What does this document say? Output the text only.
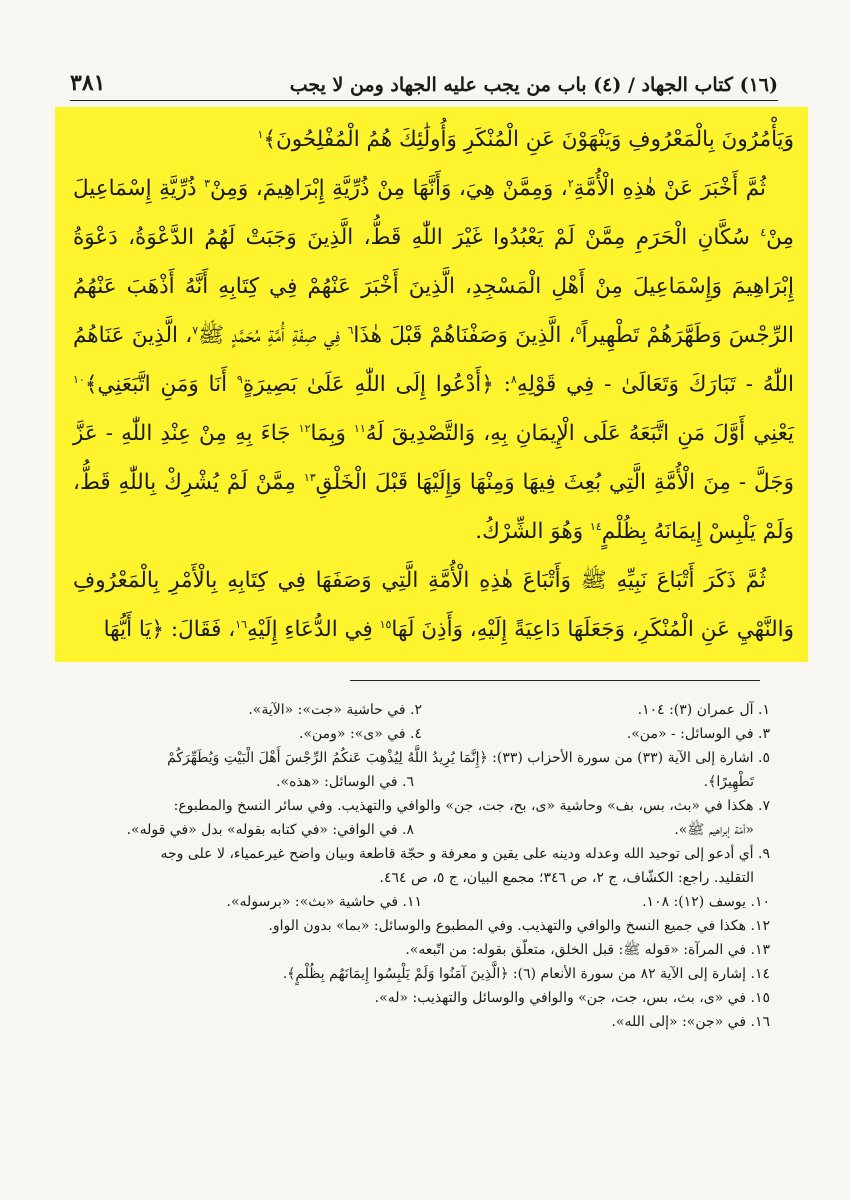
(١٦) كتاب الجهاد / (٤) باب من يجب عليه الجهاد ومن لا يجب
٣٨١

وَيَأْمُرُونَ بِالْمَعْرُوفِ وَيَنْهَوْنَ عَنِ الْمُنْكَرِ وَأُولَٰئِكَ هُمُ الْمُفْلِحُونَ﴾$^١$

ثُمَّ أَخْبَرَ عَنْ هٰذِهِ الْأُمَّةِ$^٢$، وَمِمَّنْ هِيَ، وَأَنَّهَا مِنْ ذُرِّيَّةِ إِبْرَاهِيمَ، وَمِنْ$^٣$ ذُرِّيَّةِ إِسْمَاعِيلَ مِنْ$^٤$ سُكَّانِ الْحَرَمِ مِمَّنْ لَمْ يَعْبُدُوا غَيْرَ اللّٰهِ قَطُّ، الَّذِينَ وَجَبَتْ لَهُمُ الدَّعْوَةُ، دَعْوَةُ إِبْرَاهِيمَ وَإِسْمَاعِيلَ مِنْ أَهْلِ الْمَسْجِدِ، الَّذِينَ أَخْبَرَ عَنْهُمْ فِي كِتَابِهِ أَنَّهُ أَذْهَبَ عَنْهُمُ الرِّجْسَ وَطَهَّرَهُمْ تَطْهِيراً$^٥$، الَّذِينَ وَصَفْنَاهُمْ قَبْلَ هٰذَا$^٦$ فِي صِفَةِ أُمَّةِ مُحَمَّدٍ ﷺ$^٧$، الَّذِينَ عَنَاهُمُ اللّٰهُ - تَبَارَكَ وَتَعَالَىٰ - فِي قَوْلِهِ$^٨$: ﴿أَدْعُوا إِلَى اللّٰهِ عَلَىٰ بَصِيرَةٍ$^٩$ أَنَا وَمَنِ اتَّبَعَنِي﴾$^{١٠}$ يَعْنِي أَوَّلَ مَنِ اتَّبَعَهُ عَلَى الْإِيمَانِ بِهِ، وَالتَّصْدِيقَ لَهُ$^{١١}$ وَبِمَا$^{١٢}$ جَاءَ بِهِ مِنْ عِنْدِ اللّٰهِ - عَزَّ وَجَلَّ - مِنَ الْأُمَّةِ الَّتِي بُعِثَ فِيهَا وَمِنْهَا وَإِلَيْهَا قَبْلَ الْخَلْقِ$^{١٣}$ مِمَّنْ لَمْ يُشْرِكْ بِاللّٰهِ قَطُّ، وَلَمْ يَلْبِسْ إِيمَانَهُ بِظُلْمٍ$^{١٤}$ وَهُوَ الشِّرْكُ.

ثُمَّ ذَكَرَ أَتْبَاعَ نَبِيِّهِ ﷺ وَأَتْبَاعَ هٰذِهِ الْأُمَّةِ الَّتِي وَصَفَهَا فِي كِتَابِهِ بِالْأَمْرِ بِالْمَعْرُوفِ وَالنَّهْيِ عَنِ الْمُنْكَرِ، وَجَعَلَهَا دَاعِيَةً إِلَيْهِ، وَأَذِنَ لَهَا$^{١٥}$ فِي الدُّعَاءِ إِلَيْهِ$^{١٦}$، فَقَالَ: ﴿يَا أَيُّهَا

١. آل عمران (٣): ١٠٤.
٢. في حاشية «جت»: «الآية».
٣. في الوسائل: - «من».
٤. في «ى»: «ومن».
٥. اشارة إلى الآية (٣٣) من سورة الأحزاب (٣٣): ﴿إِنَّمَا يُرِيدُ اللَّهُ لِيُذْهِبَ عَنكُمُ الرِّجْسَ أَهْلَ الْبَيْتِ وَيُطَهِّرَكُمْ
تَطْهِيرًا﴾.
٦. في الوسائل: «هذه».
٧. هكذا في «بث، بس، بف» وحاشية «ى، بح، جت، جن» والوافي والتهذيب. وفي سائر النسخ والمطبوع:
«أمّة إبراهيم ﷺ».
٨. في الوافي: «في كتابه بقوله» بدل «في قوله».
٩. أي أدعو إلى توحيد الله وعدله ودينه على يقين و معرفة و حجّة قاطعة وبيان واضح غيرعمياء، لا على وجه
التقليد. راجع: الكشّاف، ج ٢، ص ٣٤٦؛ مجمع البيان، ج ٥، ص ٤٦٤.
١٠. يوسف (١٢): ١٠٨.
١١. في حاشية «بث»: «برسوله».
١٢. هكذا في جميع النسخ والوافي والتهذيب. وفي المطبوع والوسائل: «بما» بدون الواو.
١٣. في المرآة: «قوله ﷺ: قبل الخلق، متعلّق بقوله: من اتّبعه».
١٤. إشارة إلى الآية ٨٢ من سورة الأنعام (٦): ﴿الَّذِينَ آمَنُوا وَلَمْ يَلْبِسُوا إِيمَانَهُم بِظُلْمٍ﴾.
١٥. في «ى، بث، بس، جت، جن» والوافي والوسائل والتهذيب: «له».
١٦. في «جن»: «إلى الله».
